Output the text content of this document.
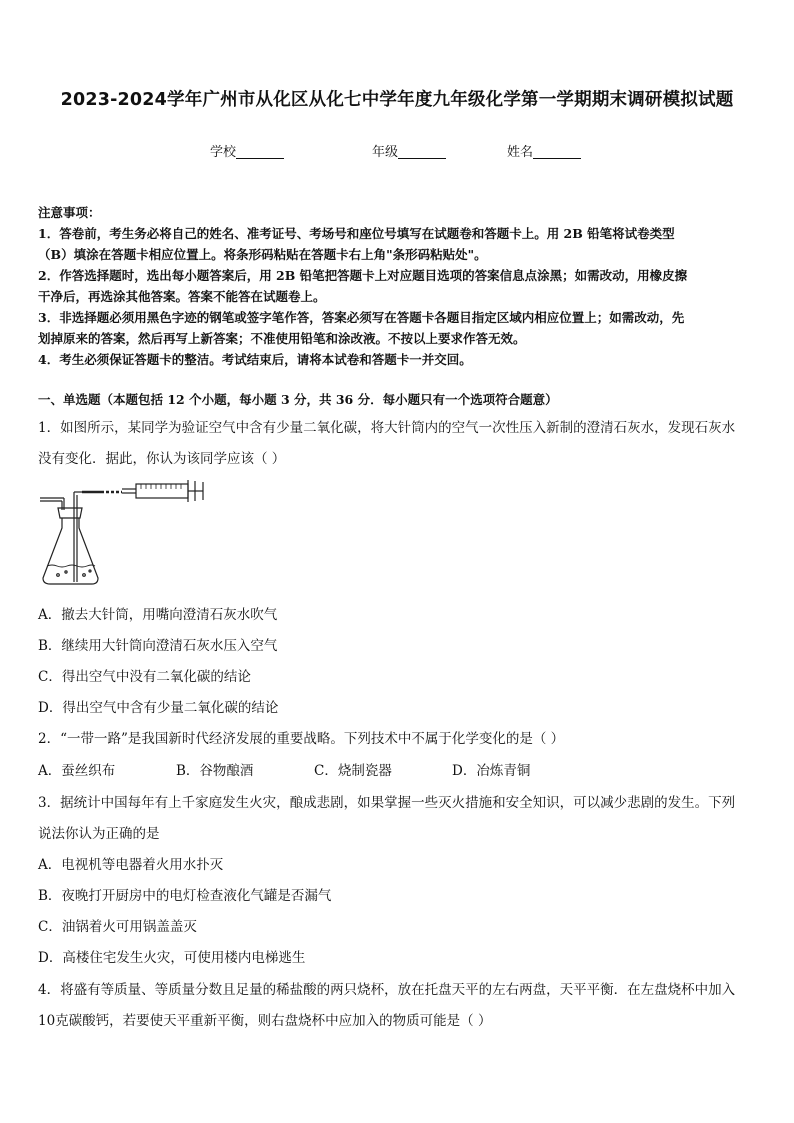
2023-2024学年广州市从化区从化七中学年度九年级化学第一学期期末调研模拟试题
学校	年级	姓名
注意事项：
1．答卷前，考生务必将自己的姓名、准考证号、考场号和座位号填写在试题卷和答题卡上。用 2B 铅笔将试卷类型
（B）填涂在答题卡相应位置上。将条形码粘贴在答题卡右上角"条形码粘贴处"。
2．作答选择题时，选出每小题答案后，用 2B 铅笔把答题卡上对应题目选项的答案信息点涂黑；如需改动，用橡皮擦
干净后，再选涂其他答案。答案不能答在试题卷上。
3．非选择题必须用黑色字迹的钢笔或签字笔作答，答案必须写在答题卡各题目指定区域内相应位置上；如需改动，先
划掉原来的答案，然后再写上新答案；不准使用铅笔和涂改液。不按以上要求作答无效。
4．考生必须保证答题卡的整洁。考试结束后，请将本试卷和答题卡一并交回。
一、单选题（本题包括 12 个小题，每小题 3 分，共 36 分．每小题只有一个选项符合题意）
1．如图所示，某同学为验证空气中含有少量二氧化碳，将大针筒内的空气一次性压入新制的澄清石灰水，发现石灰水
没有变化．据此，你认为该同学应该（ ）
A．撤去大针筒，用嘴向澄清石灰水吹气
B．继续用大针筒向澄清石灰水压入空气
C．得出空气中没有二氧化碳的结论
D．得出空气中含有少量二氧化碳的结论
2．“一带一路”是我国新时代经济发展的重要战略。下列技术中不属于化学变化的是（ ）
A．蚕丝织布	B．谷物酿酒	C．烧制瓷器	D．冶炼青铜
3．据统计中国每年有上千家庭发生火灾，酿成悲剧，如果掌握一些灭火措施和安全知识，可以减少悲剧的发生。下列
说法你认为正确的是
A．电视机等电器着火用水扑灭
B．夜晚打开厨房中的电灯检查液化气罐是否漏气
C．油锅着火可用锅盖盖灭
D．高楼住宅发生火灾，可使用楼内电梯逃生
4．将盛有等质量、等质量分数且足量的稀盐酸的两只烧杯，放在托盘天平的左右两盘，天平平衡．在左盘烧杯中加入
10克碳酸钙，若要使天平重新平衡，则右盘烧杯中应加入的物质可能是（ ）
